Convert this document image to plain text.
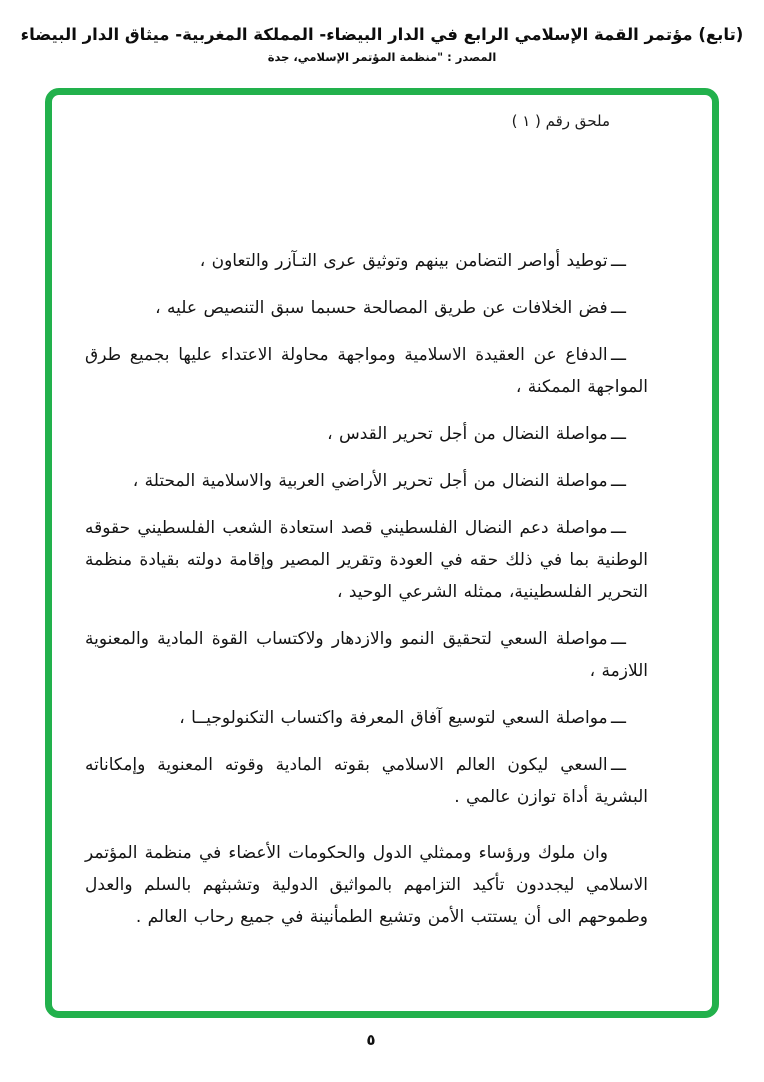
(تابع) مؤتمر القمة الإسلامي الرابع في الدار البيضاء- المملكة المغربية- ميثاق الدار البيضاء
المصدر : "منظمة المؤتمر الإسلامي، جدة
ملحق رقم ( ١ )

ـــ توطيد أواصر التضامن بينهم وتوثيق عرى التـآزر والتعاون ،

ـــ فض الخلافات عن طريق المصالحة حسبما سبق التنصيص عليه ،

ـــ الدفاع عن العقيدة الاسلامية ومواجهة محاولة الاعتداء عليها بجميع طرق المواجهة الممكنة ،

ـــ مواصلة النضال من أجل تحرير القدس ،

ـــ مواصلة النضال من أجل تحرير الأراضي العربية والاسلامية المحتلة ،

ـــ مواصلة دعم النضال الفلسطيني قصد استعادة الشعب الفلسطيني حقوقه الوطنية بما في ذلك حقه في العودة وتقرير المصير وإقامة دولته بقيادة منظمة التحرير الفلسطينية، ممثله الشرعي الوحيد ،

ـــ مواصلة السعي لتحقيق النمو والازدهار ولاكتساب القوة المادية والمعنوية اللازمة ،

ـــ مواصلة السعي لتوسيع آفاق المعرفة واكتساب التكنولوجيــا ،

ـــ السعي ليكون العالم الاسلامي بقوته المادية وقوته المعنوية وإمكاناته البشرية أداة توازن عالمي .

وان ملوك ورؤساء وممثلي الدول والحكومات الأعضاء في منظمة المؤتمر الاسلامي ليجددون تأكيد التزامهم بالمواثيق الدولية وتشبثهم بالسلم والعدل وطموحهم الى أن يستتب الأمن وتشيع الطمأنينة في جميع رحاب العالم .

٥
